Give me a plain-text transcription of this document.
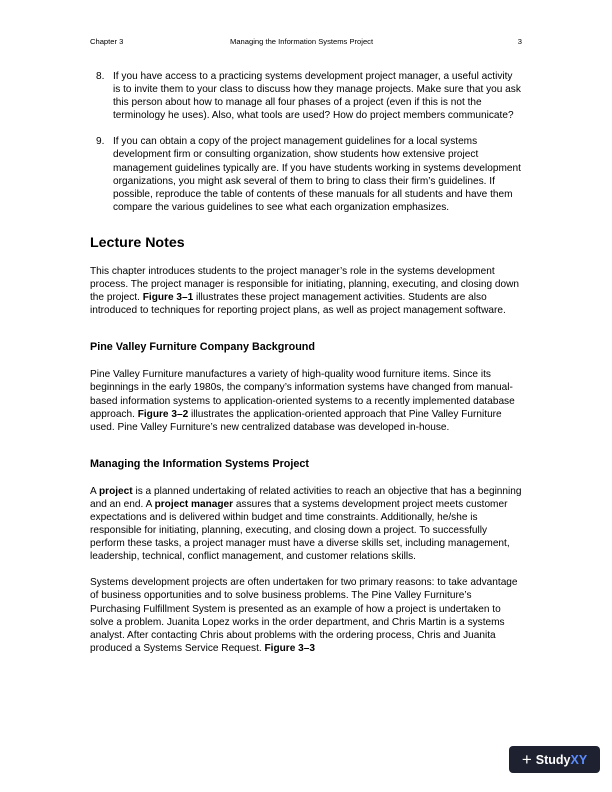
Chapter 3	Managing the Information Systems Project	3
8. If you have access to a practicing systems development project manager, a useful activity is to invite them to your class to discuss how they manage projects. Make sure that you ask this person about how to manage all four phases of a project (even if this is not the terminology he uses). Also, what tools are used? How do project members communicate?

9. If you can obtain a copy of the project management guidelines for a local systems development firm or consulting organization, show students how extensive project management guidelines typically are. If you have students working in systems development organizations, you might ask several of them to bring to class their firm’s guidelines. If possible, reproduce the table of contents of these manuals for all students and have them compare the various guidelines to see what each organization emphasizes.

Lecture Notes

This chapter introduces students to the project manager’s role in the systems development process. The project manager is responsible for initiating, planning, executing, and closing down the project. Figure 3–1 illustrates these project management activities. Students are also introduced to techniques for reporting project plans, as well as project management software.

Pine Valley Furniture Company Background

Pine Valley Furniture manufactures a variety of high-quality wood furniture items. Since its beginnings in the early 1980s, the company’s information systems have changed from manual-based information systems to application-oriented systems to a recently implemented database approach. Figure 3–2 illustrates the application-oriented approach that Pine Valley Furniture used. Pine Valley Furniture’s new centralized database was developed in-house.

Managing the Information Systems Project

A project is a planned undertaking of related activities to reach an objective that has a beginning and an end. A project manager assures that a systems development project meets customer expectations and is delivered within budget and time constraints. Additionally, he/she is responsible for initiating, planning, executing, and closing down a project. To successfully perform these tasks, a project manager must have a diverse skills set, including management, leadership, technical, conflict management, and customer relations skills.

Systems development projects are often undertaken for two primary reasons: to take advantage of business opportunities and to solve business problems. The Pine Valley Furniture’s Purchasing Fulfillment System is presented as an example of how a project is undertaken to solve a problem. Juanita Lopez works in the order department, and Chris Martin is a systems analyst. After contacting Chris about problems with the ordering process, Chris and Juanita produced a Systems Service Request. Figure 3–3

+ Study XY
